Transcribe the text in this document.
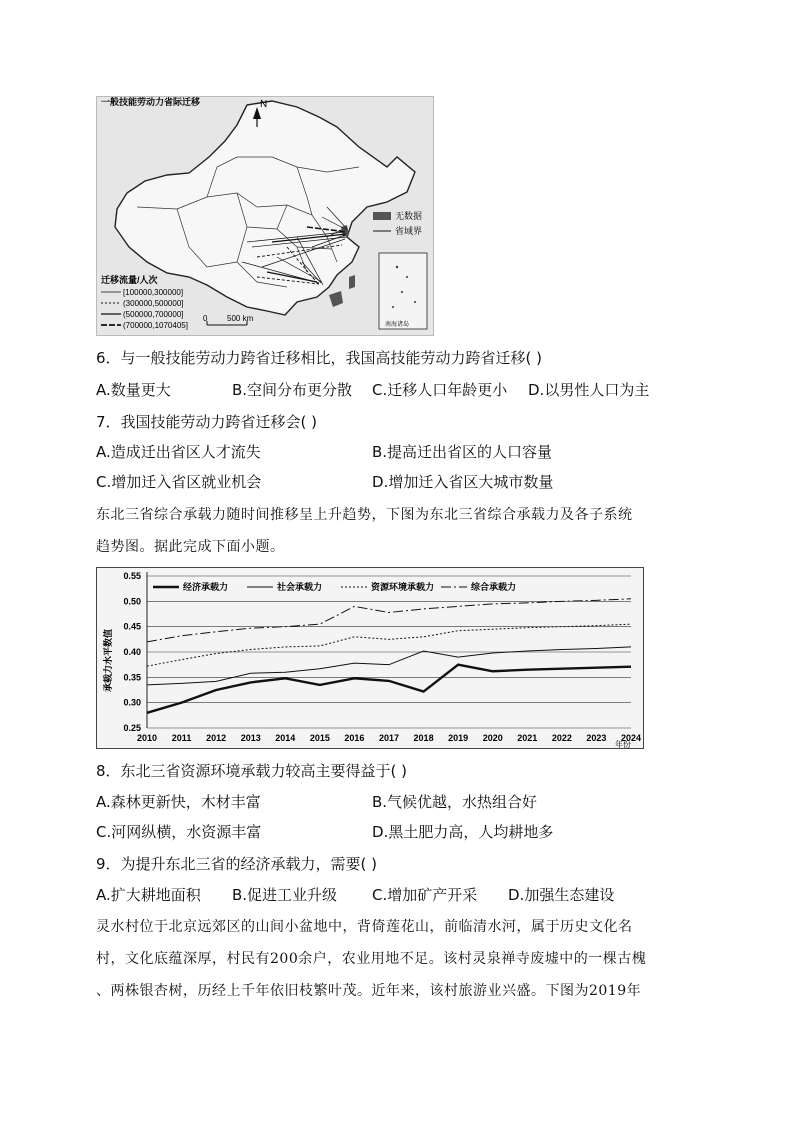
N
一般技能劳动力省际迁移
无数据
省域界
南海诸岛
迁移流量/人次
[100000,300000]
(300000,500000]
(500000,700000]
(700000,1070405]
0 500 km
6．与一般技能劳动力跨省迁移相比，我国高技能劳动力跨省迁移( )
A.数量更大	B.空间分布更分散 C.迁移人口年龄更小 D.以男性人口为主
7．我国技能劳动力跨省迁移会( )
A.造成迁出省区人才流失	B.提高迁出省区的人口容量
C.增加迁入省区就业机会	D.增加迁入省区大城市数量
东北三省综合承载力随时间推移呈上升趋势，下图为东北三省综合承载力及各子系统
趋势图。据此完成下面小题。
0.25
0.30
0.35
0.40
0.45
0.50
0.55
2010 2011 2012 2013 2014 2015 2016 2017 2018 2019 2020 2021 2022 2023 2024
经济承载力	社会承载力	资源环境承载力	综合承载力
承载力水平数值
年份
8．东北三省资源环境承载力较高主要得益于( )
A.森林更新快，木材丰富	B.气候优越，水热组合好
C.河网纵横，水资源丰富	D.黑土肥力高，人均耕地多
9．为提升东北三省的经济承载力，需要( )
A.扩大耕地面积 B.促进工业升级 C.增加矿产开采 D.加强生态建设
灵水村位于北京远郊区的山间小盆地中，背倚莲花山，前临清水河，属于历史文化名
村，文化底蕴深厚，村民有200余户，农业用地不足。该村灵泉禅寺废墟中的一棵古槐
、两株银杏树，历经上千年依旧枝繁叶茂。近年来，该村旅游业兴盛。下图为2019年
